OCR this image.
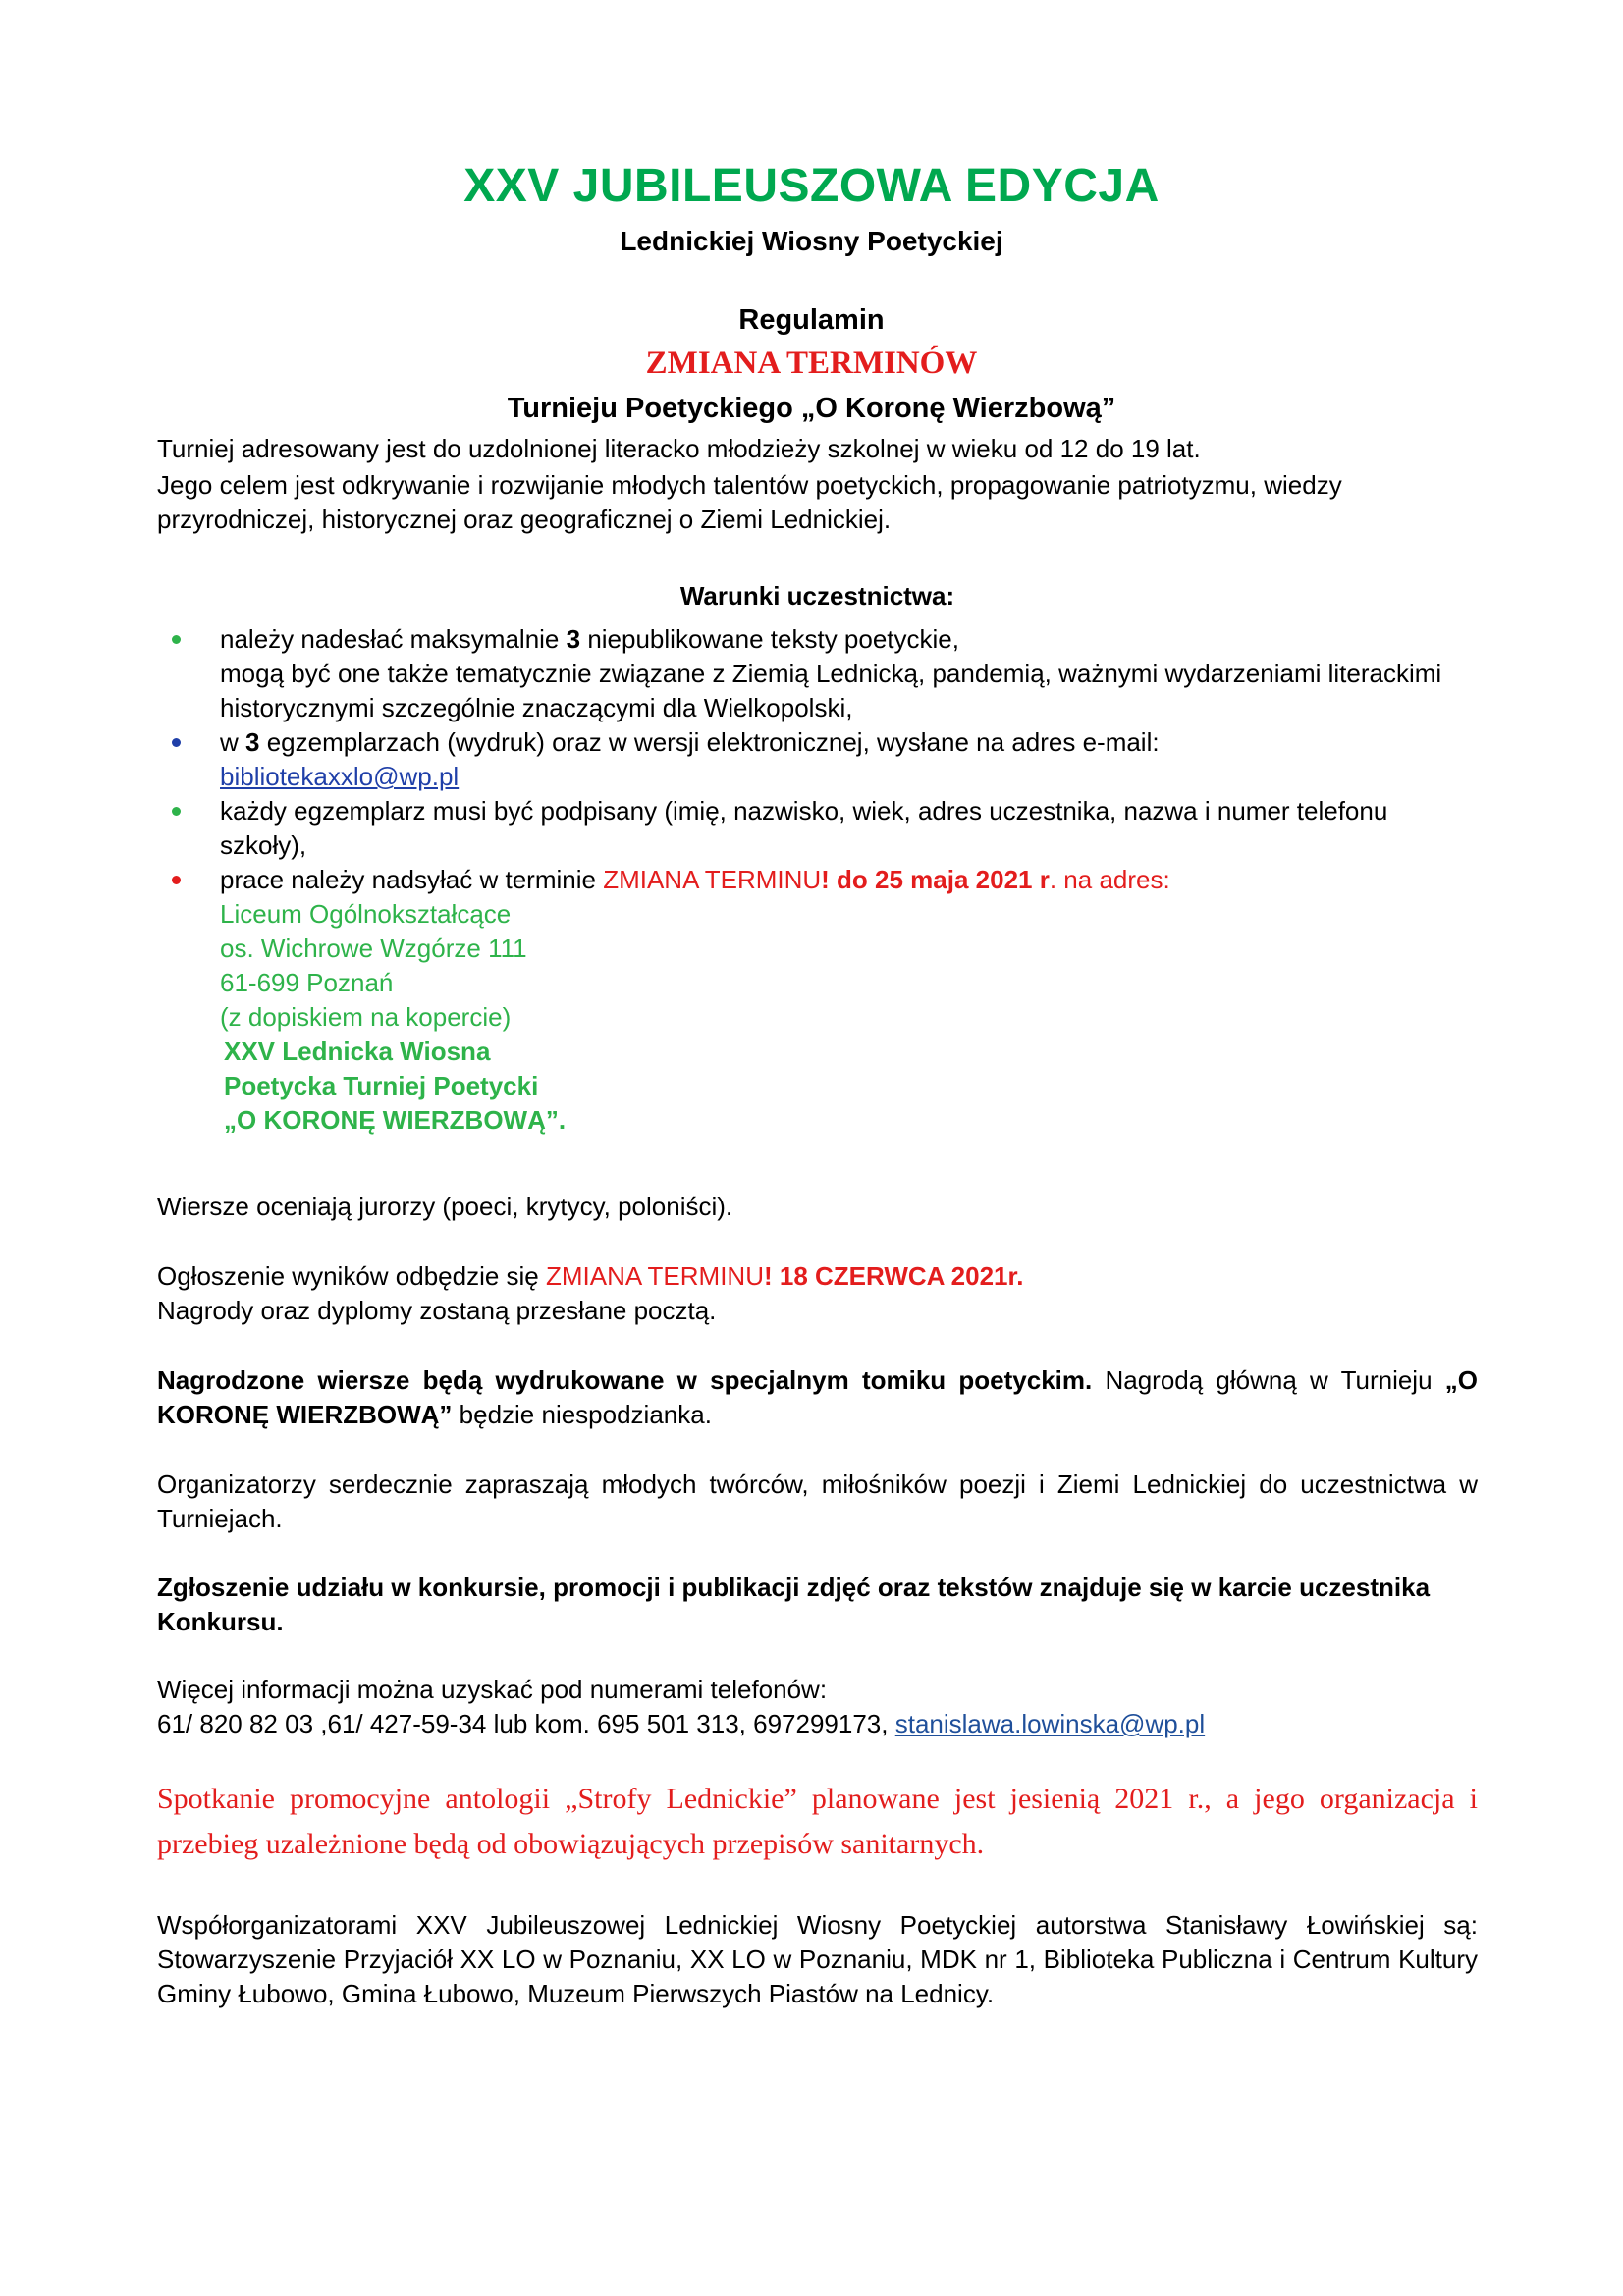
XXV JUBILEUSZOWA EDYCJA
Lednickiej Wiosny Poetyckiej
Regulamin
ZMIANA TERMINÓW
Turnieju Poetyckiego „O Koronę Wierzbową”
Turniej adresowany jest do uzdolnionej literacko młodzieży szkolnej w wieku od 12 do 19 lat.
Jego celem jest odkrywanie i rozwijanie młodych talentów poetyckich, propagowanie patriotyzmu, wiedzy przyrodniczej, historycznej oraz geograficznej o Ziemi Lednickiej.
Warunki uczestnictwa:
należy nadesłać maksymalnie 3 niepublikowane teksty poetyckie,
mogą być one także tematycznie związane z Ziemią Lednicką, pandemią, ważnymi wydarzeniami literackimi historycznymi szczególnie znaczącymi dla Wielkopolski,
w 3 egzemplarzach (wydruk) oraz w wersji elektronicznej, wysłane na adres e-mail:
bibliotekaxxlo@wp.pl
każdy egzemplarz musi być podpisany (imię, nazwisko, wiek, adres uczestnika, nazwa i numer telefonu szkoły),
prace należy nadsyłać w terminie ZMIANA TERMINU! do 25 maja 2021 r. na adres:
Liceum Ogólnokształcące
os. Wichrowe Wzgórze 111
61-699 Poznań
(z dopiskiem na kopercie)
XXV Lednicka Wiosna
Poetycka Turniej Poetycki
„O KORONĘ WIERZBOWĄ”.
Wiersze oceniają jurorzy (poeci, krytycy, poloniści).
Ogłoszenie wyników odbędzie się ZMIANA TERMINU! 18 CZERWCA 2021r.
Nagrody oraz dyplomy zostaną przesłane pocztą.
Nagrodzone wiersze będą wydrukowane w specjalnym tomiku poetyckim. Nagrodą główną w Turnieju „O KORONĘ WIERZBOWĄ” będzie niespodzianka.
Organizatorzy serdecznie zapraszają młodych twórców, miłośników poezji i Ziemi Lednickiej do uczestnictwa w Turniejach.
Zgłoszenie udziału w konkursie, promocji i publikacji zdjęć oraz tekstów znajduje się w karcie uczestnika Konkursu.
Więcej informacji można uzyskać pod numerami telefonów:
61/ 820 82 03 ,61/ 427-59-34 lub kom. 695 501 313, 697299173, stanislawa.lowinska@wp.pl
Spotkanie promocyjne antologii „Strofy Lednickie” planowane jest jesienią 2021 r., a jego organizacja i przebieg uzależnione będą od obowiązujących przepisów sanitarnych.
Współorganizatorami XXV Jubileuszowej Lednickiej Wiosny Poetyckiej autorstwa Stanisławy Łowińskiej są: Stowarzyszenie Przyjaciół XX LO w Poznaniu, XX LO w Poznaniu, MDK nr 1, Biblioteka Publiczna i Centrum Kultury Gminy Łubowo, Gmina Łubowo, Muzeum Pierwszych Piastów na Lednicy.
